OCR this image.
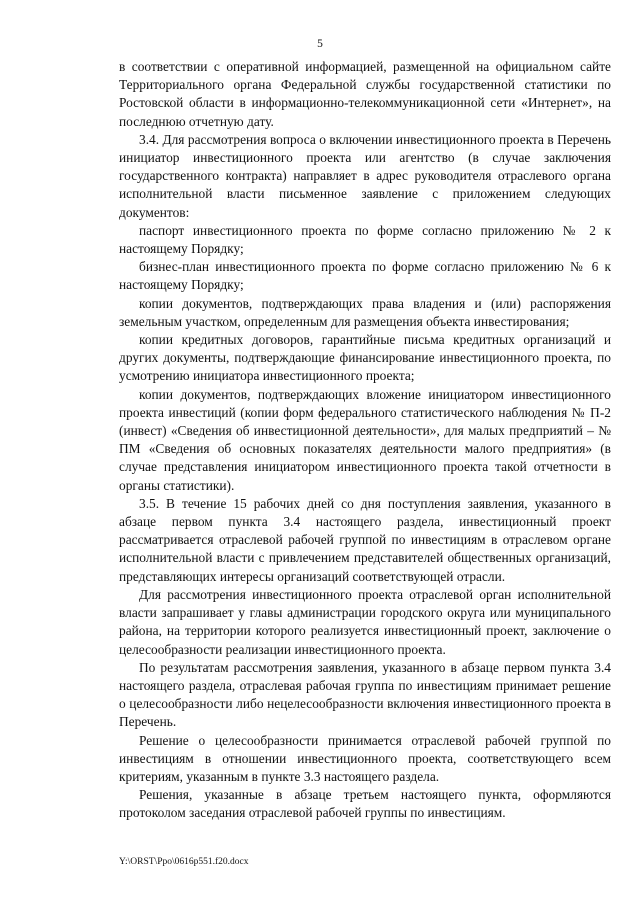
5

в соответствии с оперативной информацией, размещенной на официальном сайте Территориального органа Федеральной службы государственной статистики по Ростовской области в информационно-телекоммуникационной сети «Интернет», на последнюю отчетную дату.

3.4. Для рассмотрения вопроса о включении инвестиционного проекта в Перечень инициатор инвестиционного проекта или агентство (в случае заключения государственного контракта) направляет в адрес руководителя отраслевого органа исполнительной власти письменное заявление с приложением следующих документов:

паспорт инвестиционного проекта по форме согласно приложению № 2 к настоящему Порядку;

бизнес-план инвестиционного проекта по форме согласно приложению № 6 к настоящему Порядку;

копии документов, подтверждающих права владения и (или) распоряжения земельным участком, определенным для размещения объекта инвестирования;

копии кредитных договоров, гарантийные письма кредитных организаций и других документы, подтверждающие финансирование инвестиционного проекта, по усмотрению инициатора инвестиционного проекта;

копии документов, подтверждающих вложение инициатором инвестиционного проекта инвестиций (копии форм федерального статистического наблюдения № П-2 (инвест) «Сведения об инвестиционной деятельности», для малых предприятий – № ПМ «Сведения об основных показателях деятельности малого предприятия» (в случае представления инициатором инвестиционного проекта такой отчетности в органы статистики).

3.5. В течение 15 рабочих дней со дня поступления заявления, указанного в абзаце первом пункта 3.4 настоящего раздела, инвестиционный проект рассматривается отраслевой рабочей группой по инвестициям в отраслевом органе исполнительной власти с привлечением представителей общественных организаций, представляющих интересы организаций соответствующей отрасли.

Для рассмотрения инвестиционного проекта отраслевой орган исполнительной власти запрашивает у главы администрации городского округа или муниципального района, на территории которого реализуется инвестиционный проект, заключение о целесообразности реализации инвестиционного проекта.

По результатам рассмотрения заявления, указанного в абзаце первом пункта 3.4 настоящего раздела, отраслевая рабочая группа по инвестициям принимает решение о целесообразности либо нецелесообразности включения инвестиционного проекта в Перечень.

Решение о целесообразности принимается отраслевой рабочей группой по инвестициям в отношении инвестиционного проекта, соответствующего всем критериям, указанным в пункте 3.3 настоящего раздела.

Решения, указанные в абзаце третьем настоящего пункта, оформляются протоколом заседания отраслевой рабочей группы по инвестициям.

Y:\ORST\Ppo\0616p551.f20.docx
